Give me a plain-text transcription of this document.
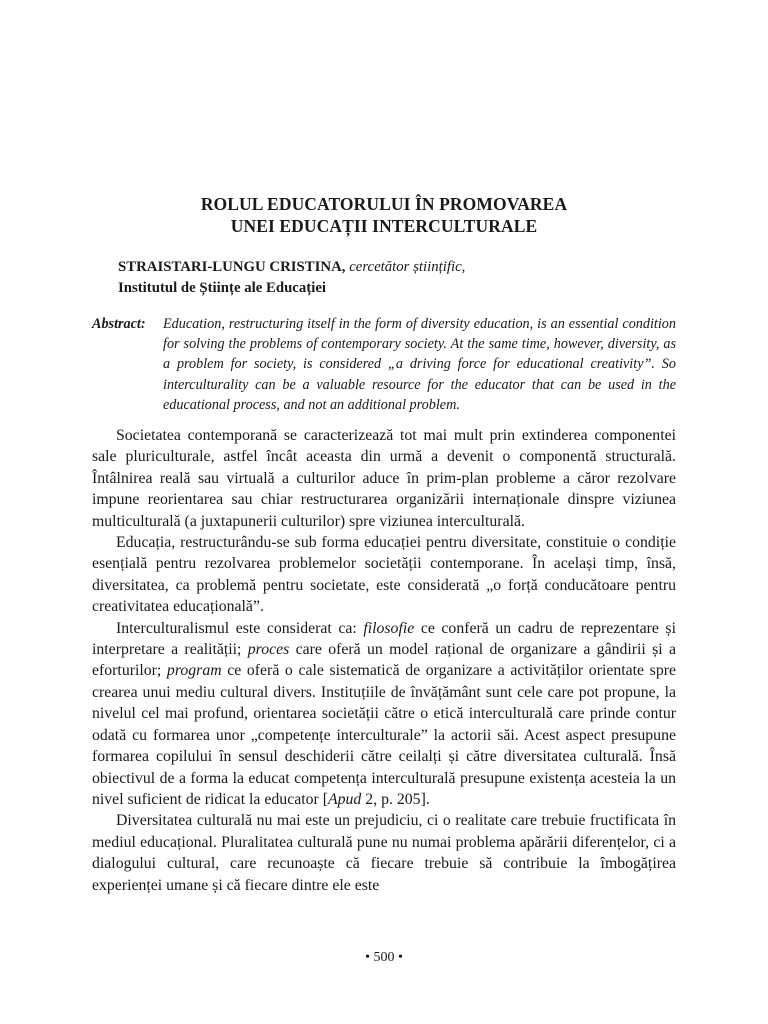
ROLUL EDUCATORULUI ÎN PROMOVAREA
UNEI EDUCAȚII INTERCULTURALE
STRAISTARI-LUNGU CRISTINA, cercetător științific,
Institutul de Științe ale Educației
Abstract: Education, restructuring itself in the form of diversity education, is an essential condition for solving the problems of contemporary society. At the same time, however, diversity, as a problem for society, is considered „a driving force for educational creativity”. So interculturality can be a valuable resource for the educator that can be used in the educational process, and not an additional problem.

Societatea contemporană se caracterizează tot mai mult prin extinderea componentei sale pluriculturale, astfel încât aceasta din urmă a devenit o componentă structurală. Întâlnirea reală sau virtuală a culturilor aduce în prim-plan probleme a căror rezolvare impune reorientarea sau chiar restructurarea organizării internaționale dinspre viziunea multiculturală (a juxtapunerii culturilor) spre viziunea interculturală.

Educația, restructurându-se sub forma educației pentru diversitate, constituie o condiție esențială pentru rezolvarea problemelor societății contemporane. În același timp, însă, diversitatea, ca problemă pentru societate, este considerată „o forță conducătoare pentru creativitatea educațională”.

Interculturalismul este considerat ca: filosofie ce conferă un cadru de reprezentare și interpretare a realității; proces care oferă un model rațional de organizare a gândirii și a eforturilor; program ce oferă o cale sistematică de organizare a activităților orientate spre crearea unui mediu cultural divers. Instituțiile de învățământ sunt cele care pot propune, la nivelul cel mai profund, orientarea societății către o etică interculturală care prinde contur odată cu formarea unor „competențe interculturale” la actorii săi. Acest aspect presupune formarea copilului în sensul deschiderii către ceilalți și către diversitatea culturală. Însă obiectivul de a forma la educat competența interculturală presupune existența acesteia la un nivel suficient de ridicat la educator [Apud 2, p. 205].

Diversitatea culturală nu mai este un prejudiciu, ci o realitate care trebuie fructificata în mediul educațional. Pluralitatea culturală pune nu numai problema apărării diferențelor, ci a dialogului cultural, care recunoaște că fiecare trebuie să contribuie la îmbogățirea experienței umane și că fiecare dintre ele este

• 500 •
